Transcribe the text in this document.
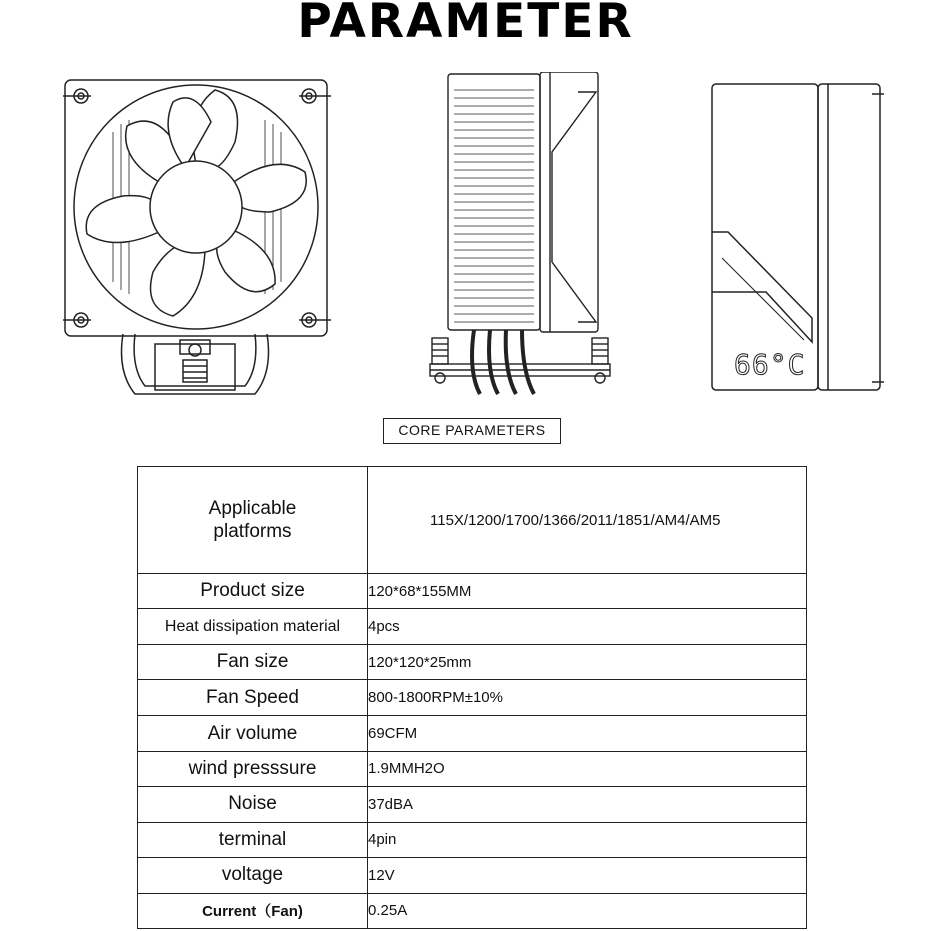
PARAMETER
66°C
CORE PARAMETERS
Applicable platforms	115X/1200/1700/1366/2011/1851/AM4/AM5
Product size	120*68*155MM
Heat dissipation material	4pcs
Fan size	120*120*25mm
Fan Speed	800-1800RPM±10%
Air volume	69CFM
wind presssure	1.9MMH2O
Noise	37dBA
terminal	4pin
voltage	12V
Current（Fan)	0.25A
